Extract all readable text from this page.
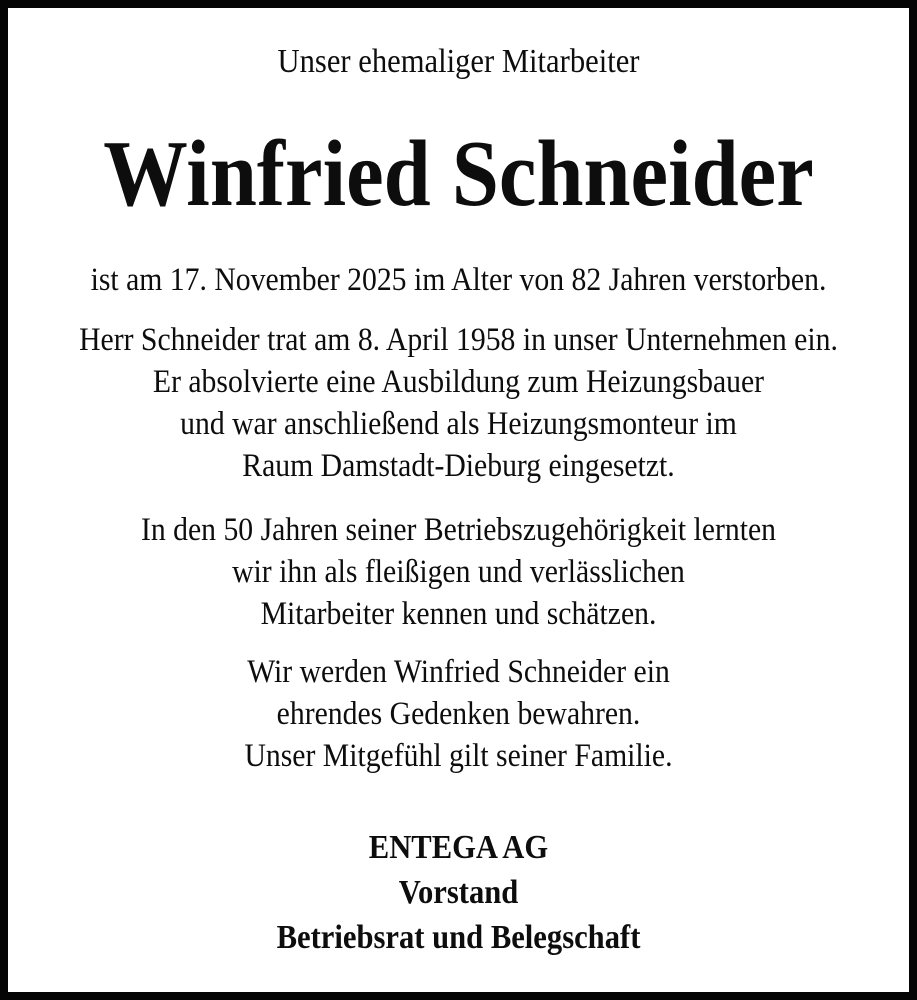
Unser ehemaliger Mitarbeiter
Winfried Schneider
ist am 17. November 2025 im Alter von 82 Jahren verstorben.
Herr Schneider trat am 8. April 1958 in unser Unternehmen ein.
Er absolvierte eine Ausbildung zum Heizungsbauer
und war anschließend als Heizungsmonteur im
Raum Damstadt-Dieburg eingesetzt.
In den 50 Jahren seiner Betriebszugehörigkeit lernten
wir ihn als fleißigen und verlässlichen
Mitarbeiter kennen und schätzen.
Wir werden Winfried Schneider ein
ehrendes Gedenken bewahren.
Unser Mitgefühl gilt seiner Familie.
ENTEGA AG
Vorstand
Betriebsrat und Belegschaft
